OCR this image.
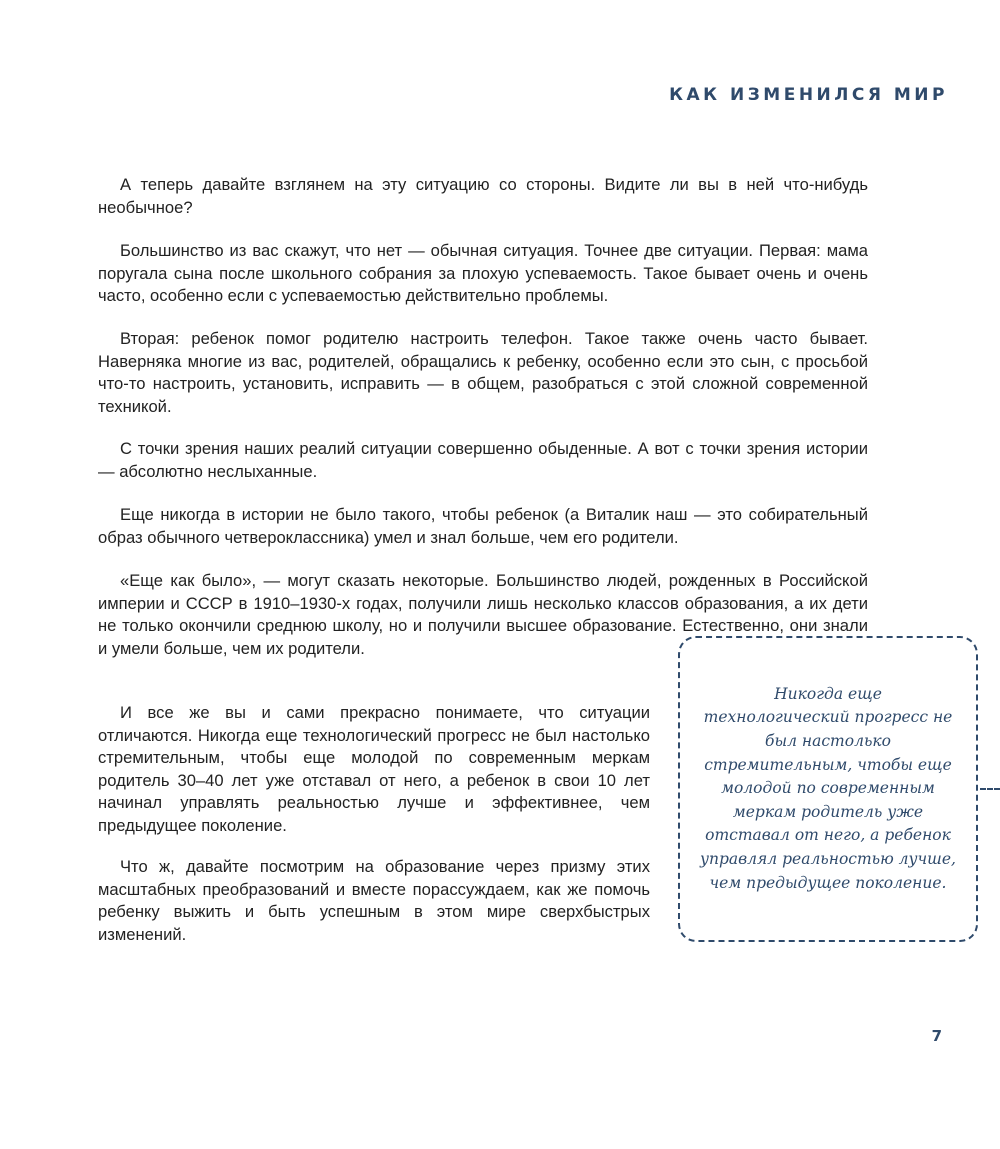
КАК ИЗМЕНИЛСЯ МИР

А теперь давайте взглянем на эту ситуацию со стороны. Видите ли вы в ней что-нибудь необычное?

Большинство из вас скажут, что нет — обычная ситуация. Точнее две ситуации. Первая: мама поругала сына после школьного собрания за плохую успеваемость. Такое бывает очень и очень часто, особенно если с успеваемостью действительно проблемы.

Вторая: ребенок помог родителю настроить телефон. Такое также очень часто бывает. Наверняка многие из вас, родителей, обращались к ребенку, особенно если это сын, с просьбой что-то настроить, установить, исправить — в общем, разобраться с этой сложной современной техникой.

С точки зрения наших реалий ситуации совершенно обыденные. А вот с точки зрения истории — абсолютно неслыханные.

Еще никогда в истории не было такого, чтобы ребенок (а Виталик наш — это собирательный образ обычного четвероклассника) умел и знал больше, чем его родители.

«Еще как было», — могут сказать некоторые. Большинство людей, рожденных в Российской империи и СССР в 1910–1930-х годах, получили лишь несколько классов образования, а их дети не только окончили среднюю школу, но и получили высшее образование. Естественно, они знали и умели больше, чем их родители.

И все же вы и сами прекрасно понимаете, что ситуации отличаются. Никогда еще технологический прогресс не был настолько стремительным, чтобы еще молодой по современным меркам родитель 30–40 лет уже отставал от него, а ребенок в свои 10 лет начинал управлять реальностью лучше и эффективнее, чем предыдущее поколение.

Что ж, давайте посмотрим на образование через призму этих масштабных преобразований и вместе порассуждаем, как же помочь ребенку выжить и быть успешным в этом мире сверхбыстрых изменений.

Никогда еще технологический прогресс не был настолько стремительным, чтобы еще молодой по современным меркам родитель уже отставал от него, а ребенок управлял реальностью лучше, чем предыдущее поколение.

7
